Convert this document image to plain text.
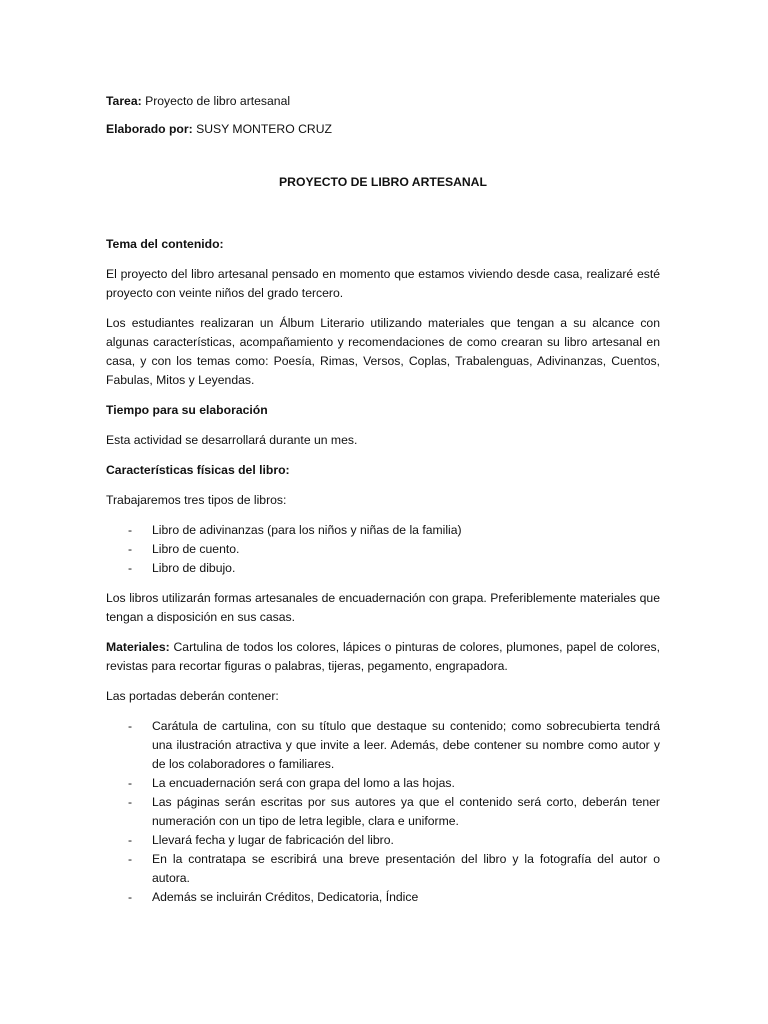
Tarea: Proyecto de libro artesanal

Elaborado por: SUSY MONTERO CRUZ

PROYECTO DE LIBRO ARTESANAL

Tema del contenido:

El proyecto del libro artesanal pensado en momento que estamos viviendo desde casa, realizaré esté proyecto con veinte niños del grado tercero.

Los estudiantes realizaran un Álbum Literario utilizando materiales que tengan a su alcance con algunas características, acompañamiento y recomendaciones de como crearan su libro artesanal en casa, y con los temas como: Poesía, Rimas, Versos, Coplas, Trabalenguas, Adivinanzas, Cuentos, Fabulas, Mitos y Leyendas.

Tiempo para su elaboración

Esta actividad se desarrollará durante un mes.

Características físicas del libro:

Trabajaremos tres tipos de libros:

- Libro de adivinanzas (para los niños y niñas de la familia)
- Libro de cuento.
- Libro de dibujo.

Los libros utilizarán formas artesanales de encuadernación con grapa. Preferiblemente materiales que tengan a disposición en sus casas.

Materiales: Cartulina de todos los colores, lápices o pinturas de colores, plumones, papel de colores, revistas para recortar figuras o palabras, tijeras, pegamento, engrapadora.

Las portadas deberán contener:

- Carátula de cartulina, con su título que destaque su contenido; como sobrecubierta tendrá una ilustración atractiva y que invite a leer. Además, debe contener su nombre como autor y de los colaboradores o familiares.
- La encuadernación será con grapa del lomo a las hojas.
- Las páginas serán escritas por sus autores ya que el contenido será corto, deberán tener numeración con un tipo de letra legible, clara e uniforme.
- Llevará fecha y lugar de fabricación del libro.
- En la contratapa se escribirá una breve presentación del libro y la fotografía del autor o autora.
- Además se incluirán Créditos, Dedicatoria, Índice
